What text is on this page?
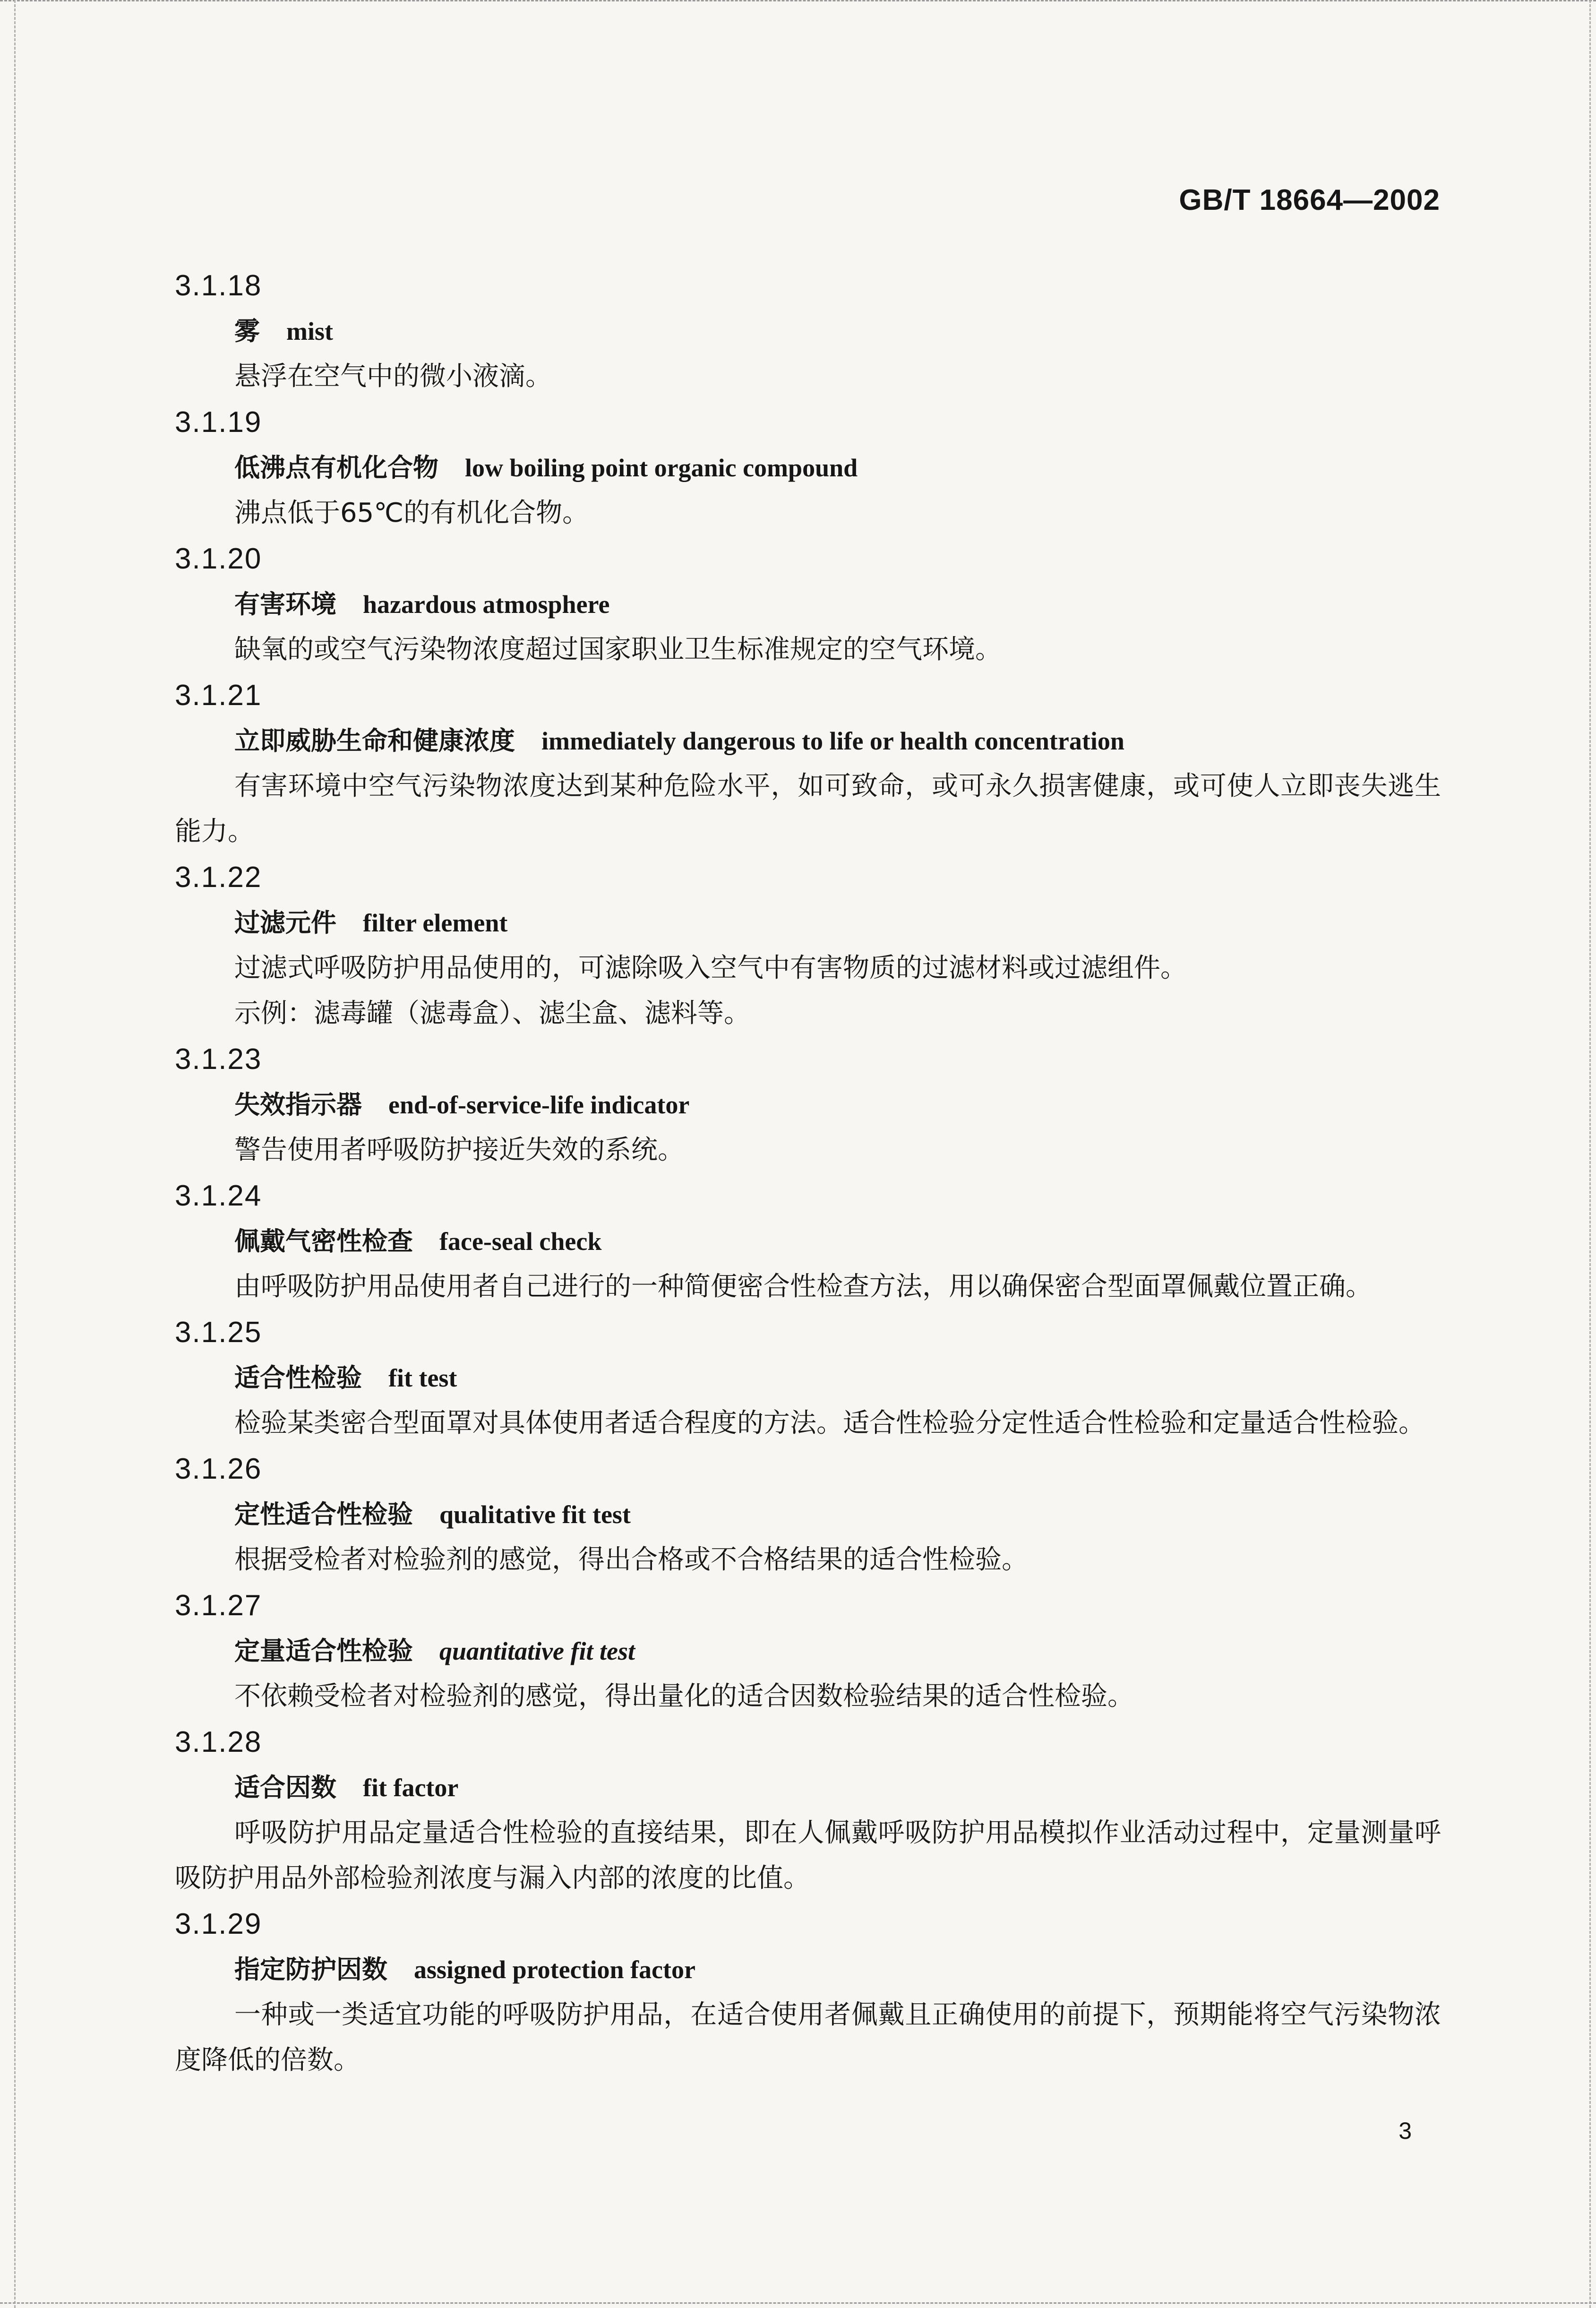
GB/T 18664—2002
3.1.18
雾 mist
悬浮在空气中的微小液滴。
3.1.19
低沸点有机化合物 low boiling point organic compound
沸点低于65℃的有机化合物。
3.1.20
有害环境 hazardous atmosphere
缺氧的或空气污染物浓度超过国家职业卫生标准规定的空气环境。
3.1.21
立即威胁生命和健康浓度 immediately dangerous to life or health concentration
有害环境中空气污染物浓度达到某种危险水平，如可致命，或可永久损害健康，或可使人立即丧失逃生能力。
3.1.22
过滤元件 filter element
过滤式呼吸防护用品使用的，可滤除吸入空气中有害物质的过滤材料或过滤组件。
示例：滤毒罐（滤毒盒）、滤尘盒、滤料等。
3.1.23
失效指示器 end-of-service-life indicator
警告使用者呼吸防护接近失效的系统。
3.1.24
佩戴气密性检查 face-seal check
由呼吸防护用品使用者自己进行的一种简便密合性检查方法，用以确保密合型面罩佩戴位置正确。
3.1.25
适合性检验 fit test
检验某类密合型面罩对具体使用者适合程度的方法。适合性检验分定性适合性检验和定量适合性检验。
3.1.26
定性适合性检验 qualitative fit test
根据受检者对检验剂的感觉，得出合格或不合格结果的适合性检验。
3.1.27
定量适合性检验 quantitative fit test
不依赖受检者对检验剂的感觉，得出量化的适合因数检验结果的适合性检验。
3.1.28
适合因数 fit factor
呼吸防护用品定量适合性检验的直接结果，即在人佩戴呼吸防护用品模拟作业活动过程中，定量测量呼吸防护用品外部检验剂浓度与漏入内部的浓度的比值。
3.1.29
指定防护因数 assigned protection factor
一种或一类适宜功能的呼吸防护用品，在适合使用者佩戴且正确使用的前提下，预期能将空气污染物浓度降低的倍数。
3
